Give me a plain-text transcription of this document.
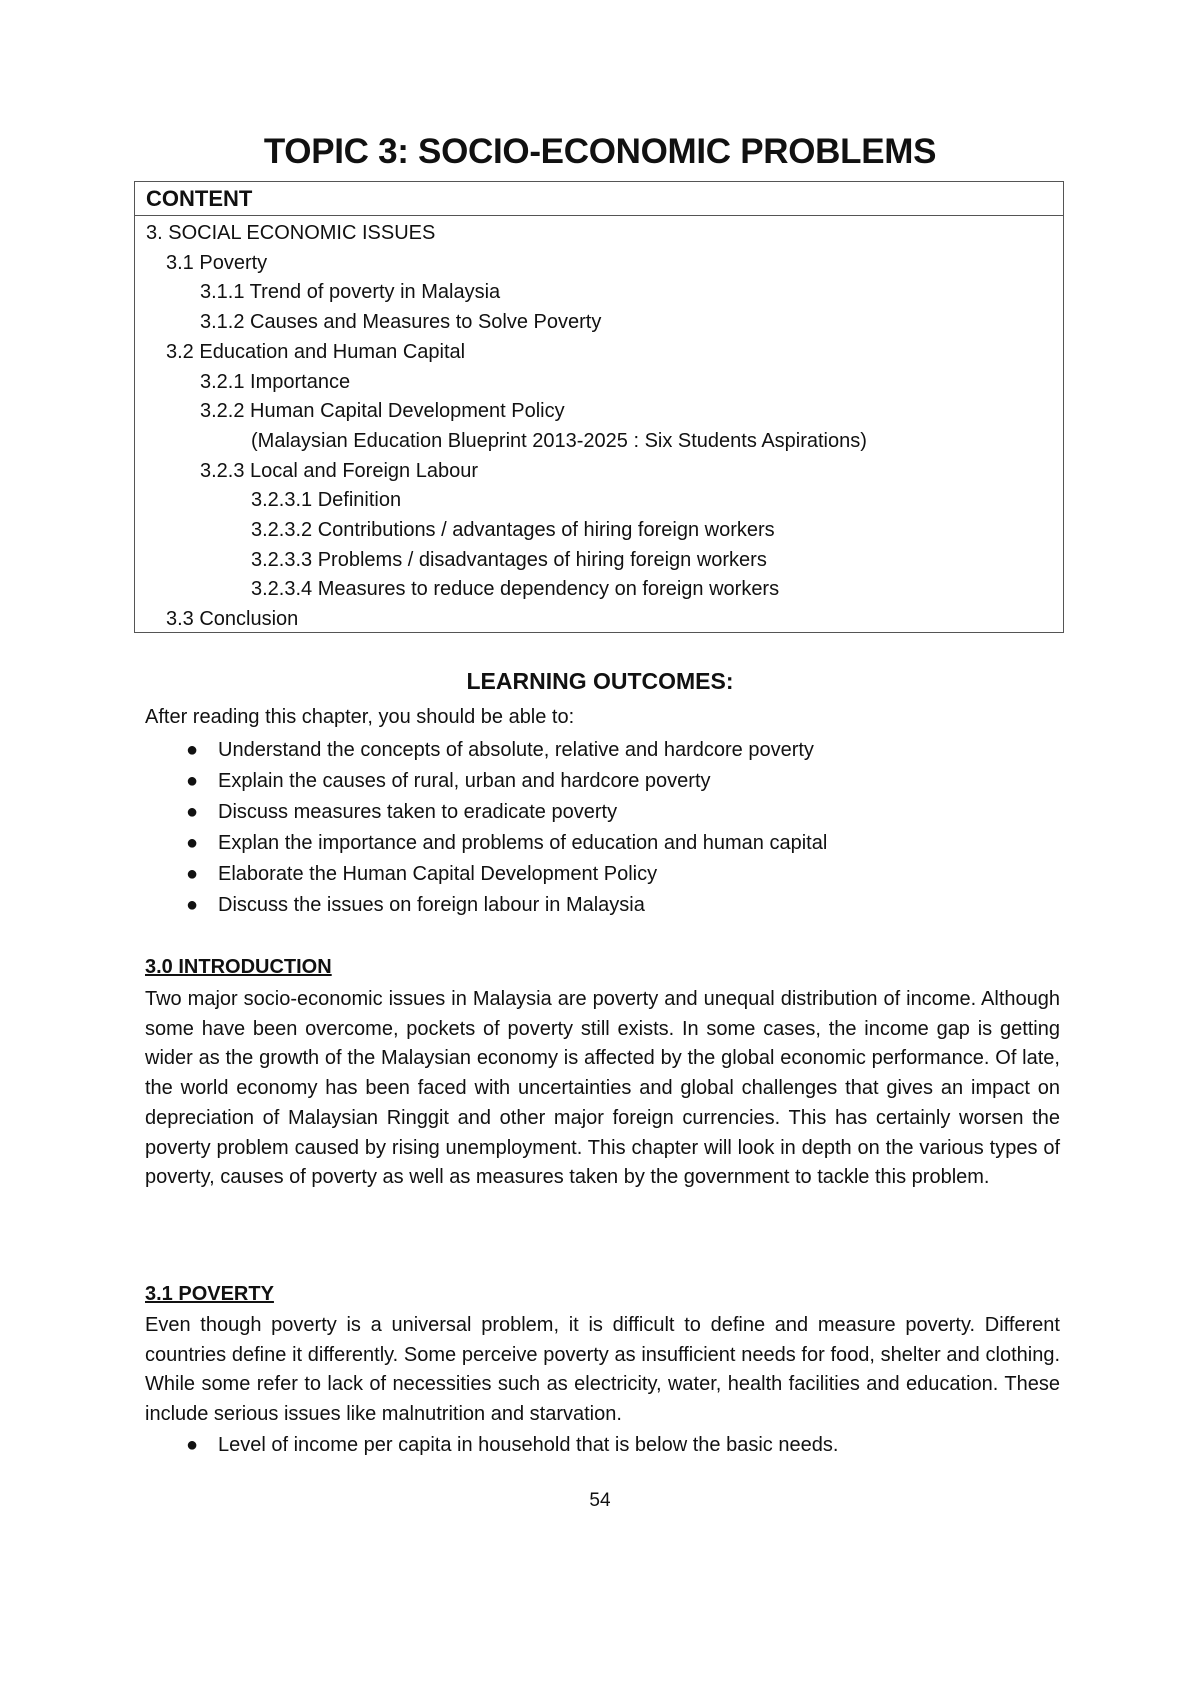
TOPIC 3: SOCIO-ECONOMIC PROBLEMS
CONTENT
3. SOCIAL ECONOMIC ISSUES
3.1 Poverty
3.1.1 Trend of poverty in Malaysia
3.1.2 Causes and Measures to Solve Poverty
3.2 Education and Human Capital
3.2.1 Importance
3.2.2 Human Capital Development Policy
(Malaysian Education Blueprint 2013-2025 : Six Students Aspirations)
3.2.3 Local and Foreign Labour
3.2.3.1 Definition
3.2.3.2 Contributions / advantages of hiring foreign workers
3.2.3.3 Problems / disadvantages of hiring foreign workers
3.2.3.4 Measures to reduce dependency on foreign workers
3.3 Conclusion
LEARNING OUTCOMES:

After reading this chapter, you should be able to:

● Understand the concepts of absolute, relative and hardcore poverty
● Explain the causes of rural, urban and hardcore poverty
● Discuss measures taken to eradicate poverty
● Explan the importance and problems of education and human capital
● Elaborate the Human Capital Development Policy
● Discuss the issues on foreign labour in Malaysia
3.0 INTRODUCTION

Two major socio-economic issues in Malaysia are poverty and unequal distribution of income. Although some have been overcome, pockets of poverty still exists. In some cases, the income gap is getting wider as the growth of the Malaysian economy is affected by the global economic performance. Of late, the world economy has been faced with uncertainties and global challenges that gives an impact on depreciation of Malaysian Ringgit and other major foreign currencies. This has certainly worsen the poverty problem caused by rising unemployment. This chapter will look in depth on the various types of poverty, causes of poverty as well as measures taken by the government to tackle this problem.

3.1 POVERTY

Even though poverty is a universal problem, it is difficult to define and measure poverty. Different countries define it differently. Some perceive poverty as insufficient needs for food, shelter and clothing. While some refer to lack of necessities such as electricity, water, health facilities and education. These include serious issues like malnutrition and starvation.

● Level of income per capita in household that is below the basic needs.

54
